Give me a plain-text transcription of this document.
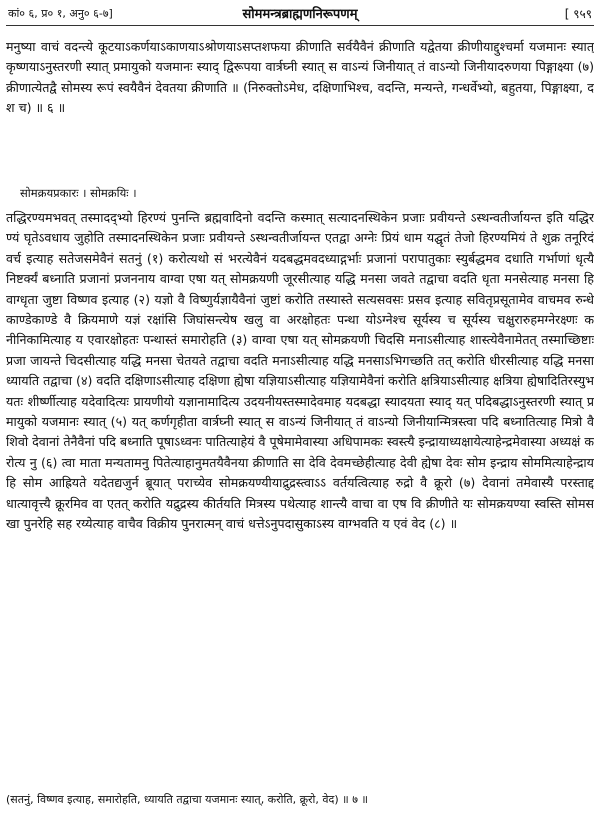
कां० ६, प्र० १, अनु० ६-७]	सोममन्त्रब्राह्मणनिरूपणम्	[ ९५९

मनुष्या वाचं वदन्त्ये कूटयाऽकर्णयाऽकाणयाऽश्रोणयाऽसप्तशफया क्रीणाति सर्वयैवैनं क्रीणाति यद्वेतया क्रीणीयाद्दुश्चर्मा यजमानः स्यात् कृष्णयाऽनुस्तरणी स्यात् प्रमायुको यजमानः स्याद् द्विरूपया वार्त्रघ्नी स्यात् स वाऽन्यं जिनीयात् तं वाऽन्यो जिनीयादरुणया पिङ्गाक्ष्या (७) क्रीणात्येतद्वै सोमस्य रूपं स्वयैवैनं देवतया क्रीणाति ॥ (निरुक्तोऽमेध, दक्षिणाभिश्च, वदन्ति, मन्यन्ते, गन्धर्वेभ्यो, बहुतया, पिङ्गाक्ष्या, दश च) ॥ ६ ॥

सोमक्रयप्रकारः । सोमक्रयिः ।

तद्धिरण्यमभवत् तस्मादद्भ्यो हिरण्यं पुनन्ति ब्रह्मवादिनो वदन्ति कस्मात् सत्यादनस्थिकेन प्रजाः प्रवीयन्ते ऽस्थन्वतीर्जायन्त इति यद्धिरण्यं घृतेऽवधाय जुहोति तस्मादनस्थिकेन प्रजाः प्रवीयन्ते ऽस्थन्वतीर्जायन्त एतद्वा अग्नेः प्रियं धाम यद्घृतं तेजो हिरण्यमियं ते शुक्र तनूरिदं वर्च इत्याह सतेजसमेवैनं सतनुं (१) करोत्यथो सं भरत्येवैनं यदबद्धमवदध्याद्गर्भाः प्रजानां परापातुकाः स्युर्बद्धमव दधाति गर्भाणां धृत्यै निष्टर्क्यं बध्नाति प्रजानां प्रजननाय वाग्वा एषा यत् सोमक्रयणी जूरसीत्याह यद्धि मनसा जवते तद्वाचा वदति धृता मनसेत्याह मनसा हि वाग्धृता जुष्टा विष्णव इत्याह (२) यज्ञो वै विष्णुर्यज्ञायैवैनां जुष्टां करोति तस्यास्ते सत्यसवसः प्रसव इत्याह सवितृप्रसूतामेव वाचमव रुन्धे काण्डेकाण्डे वै क्रियमाणे यज्ञं रक्षांसि जिघांसन्त्येष खलु वा अरक्षोहतः पन्था योऽग्नेश्च सूर्यस्य च सूर्यस्य चक्षुरारुहमग्नेरक्ष्णः कनीनिकामित्याह य एवारक्षोहतः पन्थास्तं समारोहति (३) वाग्वा एषा यत् सोमक्रयणी चिदसि मनाऽसीत्याह शास्त्येवैनामेतत् तस्माच्छिष्टाः प्रजा जायन्ते चिदसीत्याह यद्धि मनसा चेतयते तद्वाचा वदति मनाऽसीत्याह यद्धि मनसाऽभिगच्छति तत् करोति धीरसीत्याह यद्धि मनसा ध्यायति तद्वाचा (४) वदति दक्षिणाऽसीत्याह दक्षिणा ह्येषा यज्ञियाऽसीत्याह यज्ञियामेवैनां करोति क्षत्रियाऽसीत्याह क्षत्रिया ह्येषादितिरस्युभयतः शीर्ष्णीत्याह यदेवादित्यः प्रायणीयो यज्ञानामादित्य उदयनीयस्तस्मादेवमाह यदबद्धा स्यादयता स्याद् यत् पदिबद्धाऽनुस्तरणी स्यात् प्रमायुको यजमानः स्यात् (५) यत् कर्णगृहीता वार्त्रघ्नी स्यात् स वाऽन्यं जिनीयात् तं वाऽन्यो जिनीयान्मित्रस्त्वा पदि बध्नातित्याह मित्रो वै शिवो देवानां तेनैवैनां पदि बध्नाति पूषाऽध्वनः पातित्याहेयं वै पूषेमामेवास्या अधिपामकः स्वस्त्यै इन्द्रायाध्यक्षायेत्याहेन्द्रमेवास्या अध्यक्षं करोत्य नु (६) त्वा माता मन्यतामनु पितेत्याहानुमतयैवैनया क्रीणाति सा देवि देवमच्छेहीत्याह देवी ह्येषा देवः सोम इन्द्राय सोममित्याहेन्द्राय हि सोम आह्रियते यदेतद्यजुर्न ब्रूयात् पराच्येव सोमक्रयण्यीयाद्रुद्रस्त्वाऽऽ वर्तयत्वित्याह रुद्रो वै क्रूरो (७) देवानां तमेवास्यै परस्ताद्दधात्यावृत्त्यै क्रूरमिव वा एतत् करोति यद्रुद्रस्य कीर्तयति मित्रस्य पथेत्याह शान्त्यै वाचा वा एष वि क्रीणीते यः सोमक्रयण्या स्वस्ति सोमसखा पुनरेहि सह रय्येत्याह वाचैव विक्रीय पुनरात्मन् वाचं धत्तेऽनुपदासुकाऽस्य वाग्भवति य एवं वेद (८) ॥

(सतनुं, विष्णव इत्याह, समारोहति, ध्यायति तद्वाचा यजमानः स्यात्, करोति, क्रूरो, वेद) ॥ ७ ॥
